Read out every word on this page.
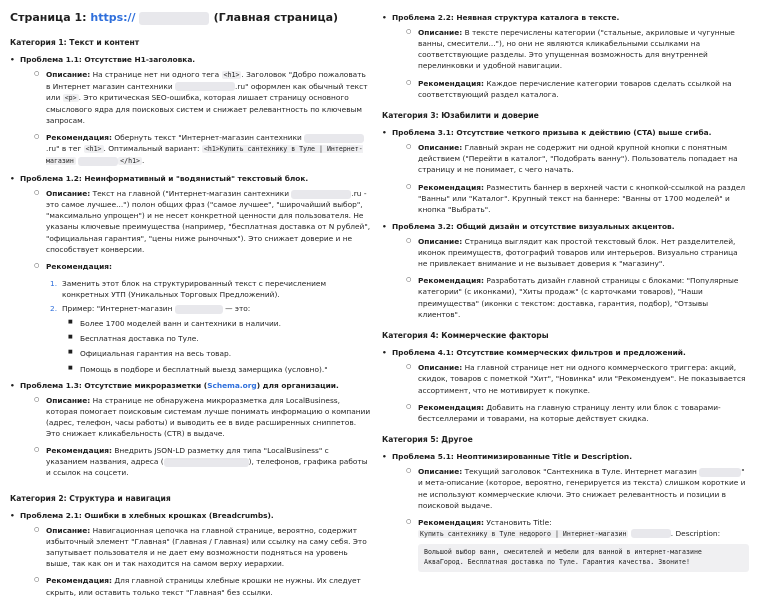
Страница 1:
https://	(Главная страница)
Категория 1: Текст и контент
• Проблема 1.1: Отсутствие H1-заголовка.
○ Описание: На странице нет ни одного тега <h1> . Заголовок "Добро пожаловать в Интернет магазин сантехники	.ru" оформлен как обычный текст или <p> . Это критическая SEO-ошибка, которая лишает страницу основного смыслового ядра для поисковых систем и снижает релевантность по ключевым запросам.
○ Рекомендация: Обернуть текст "Интернет-магазин сантехники .ru" в тег <h1> . Оптимальный вариант: <h1>Купить сантехнику в Туле | Интернет-магазин	</h1> .
• Проблема 1.2: Неинформативный и "водянистый" текстовый блок.
○ Описание: Текст на главной ("Интернет-магазин сантехники	.ru - это самое лучшее...") полон общих фраз ("самое лучшее", "широчайший выбор", "максимально упрощен") и не несет конкретной ценности для пользователя. Не указаны ключевые преимущества (например, "бесплатная доставка от N рублей", "официальная гарантия", "цены ниже рыночных"). Это снижает доверие и не способствует конверсии.
○ Рекомендация:
1. Заменить этот блок на структурированный текст с перечислением конкретных УТП (Уникальных Торговых Предложений).
2. Пример: "Интернет-магазин	— это:
■ Более 1700 моделей ванн и сантехники в наличии.
■ Бесплатная доставка по Туле.
■ Официальная гарантия на весь товар.
■ Помощь в подборе и бесплатный выезд замерщика (условно)."
• Проблема 1.3: Отсутствие микроразметки (Schema.org) для организации.
○ Описание: На странице не обнаружена микроразметка для LocalBusiness, которая помогает поисковым системам лучше понимать информацию о компании (адрес, телефон, часы работы) и выводить ее в виде расширенных сниппетов. Это снижает кликабельность (CTR) в выдаче.
○ Рекомендация: Внедрить JSON-LD разметку для типа "LocalBusiness" с указанием названия, адреса (	), телефонов, графика работы и ссылок на соцсети.
Категория 2: Структура и навигация
• Проблема 2.1: Ошибки в хлебных крошках (Breadcrumbs).
○ Описание: Навигационная цепочка на главной странице, вероятно, содержит избыточный элемент "Главная" (Главная / Главная) или ссылку на саму себя. Это запутывает пользователя и не дает ему возможности подняться на уровень выше, так как он и так находится на самом верху иерархии.
○ Рекомендация: Для главной страницы хлебные крошки не нужны. Их следует скрыть, или оставить только текст "Главная" без ссылки.
• Проблема 2.2: Неявная структура каталога в тексте.
○ Описание: В тексте перечислены категории ("стальные, акриловые и чугунные ванны, смесители..."), но они не являются кликабельными ссылками на соответствующие разделы. Это упущенная возможность для внутренней перелинковки и удобной навигации.
○ Рекомендация: Каждое перечисление категории товаров сделать ссылкой на соответствующий раздел каталога.
Категория 3: Юзабилити и доверие
• Проблема 3.1: Отсутствие четкого призыва к действию (CTA) выше сгиба.
○ Описание: Главный экран не содержит ни одной крупной кнопки с понятным действием ("Перейти в каталог", "Подобрать ванну"). Пользователь попадает на страницу и не понимает, с чего начать.
○ Рекомендация: Разместить баннер в верхней части с кнопкой-ссылкой на раздел "Ванны" или "Каталог". Крупный текст на баннере: "Ванны от 1700 моделей" и кнопка "Выбрать".
• Проблема 3.2: Общий дизайн и отсутствие визуальных акцентов.
○ Описание: Страница выглядит как простой текстовый блок. Нет разделителей, иконок преимуществ, фотографий товаров или интерьеров. Визуально страница не привлекает внимание и не вызывает доверия к "магазину".
○ Рекомендация: Разработать дизайн главной страницы с блоками: "Популярные категории" (с иконками), "Хиты продаж" (с карточками товаров), "Наши преимущества" (иконки с текстом: доставка, гарантия, подбор), "Отзывы клиентов".
Категория 4: Коммерческие факторы
• Проблема 4.1: Отсутствие коммерческих фильтров и предложений.
○ Описание: На главной странице нет ни одного коммерческого триггера: акций, скидок, товаров с пометкой "Хит", "Новинка" или "Рекомендуем". Не показывается ассортимент, что не мотивирует к покупке.
○ Рекомендация: Добавить на главную страницу ленту или блок с товарами-бестселлерами и товарами, на которые действует скидка.
Категория 5: Другое
• Проблема 5.1: Неоптимизированные Title и Description.
○ Описание: Текущий заголовок "Сантехника в Туле. Интернет магазин	" и мета-описание (которое, вероятно, генерируется из текста) слишком короткие и не используют коммерческие ключи. Это снижает релевантность и позиции в поисковой выдаче.
○ Рекомендация: Установить Title:
Купить сантехнику в Туле недорого | Интернет-магазин	. Description:
Вольшой выбор ванн, смесителей и мебели для ванной в интернет-магазине АкваГород. Бесплатная доставка по Туле. Гарантия качества. Звоните!
